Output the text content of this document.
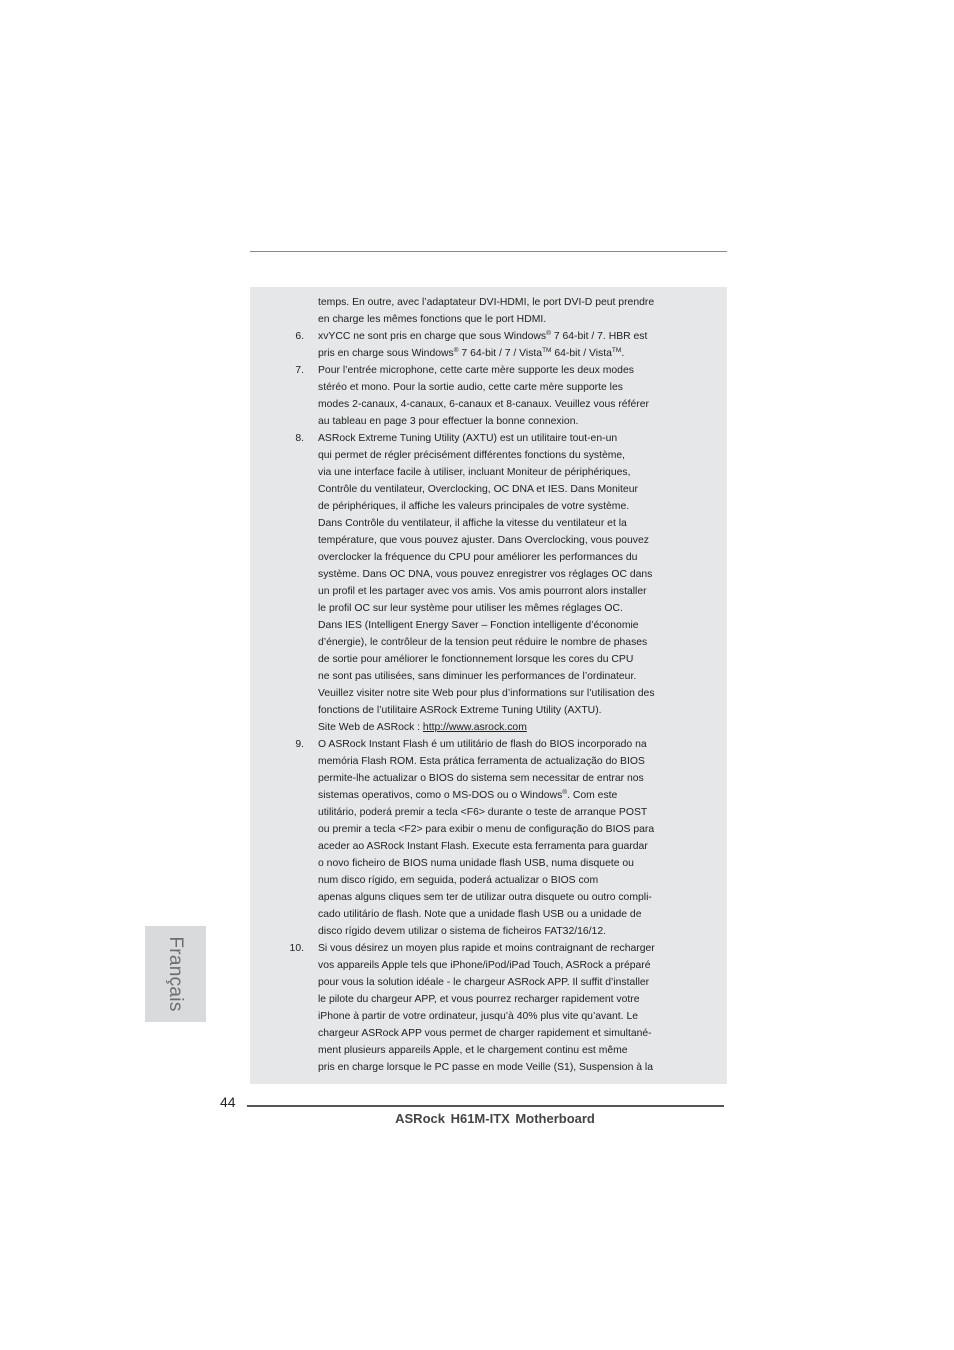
temps. En outre, avec l’adaptateur DVI-HDMI, le port DVI-D peut prendre
en charge les mêmes fonctions que le port HDMI.
6. xvYCC ne sont pris en charge que sous Windows® 7 64-bit / 7. HBR est
pris en charge sous Windows® 7 64-bit / 7 / Vista™ 64-bit / Vista™.
7. Pour l’entrée microphone, cette carte mère supporte les deux modes
stéréo et mono. Pour la sortie audio, cette carte mère supporte les
modes 2-canaux, 4-canaux, 6-canaux et 8-canaux. Veuillez vous référer
au tableau en page 3 pour effectuer la bonne connexion.
8. ASRock Extreme Tuning Utility (AXTU) est un utilitaire tout-en-un
qui permet de régler précisément différentes fonctions du système,
via une interface facile à utiliser, incluant Moniteur de périphériques,
Contrôle du ventilateur, Overclocking, OC DNA et IES. Dans Moniteur
de périphériques, il affiche les valeurs principales de votre système.
Dans Contrôle du ventilateur, il affiche la vitesse du ventilateur et la
température, que vous pouvez ajuster. Dans Overclocking, vous pouvez
overclocker la fréquence du CPU pour améliorer les performances du
système. Dans OC DNA, vous pouvez enregistrer vos réglages OC dans
un profil et les partager avec vos amis. Vos amis pourront alors installer
le profil OC sur leur système pour utiliser les mêmes réglages OC.
Dans IES (Intelligent Energy Saver – Fonction intelligente d’économie
d’énergie), le contrôleur de la tension peut réduire le nombre de phases
de sortie pour améliorer le fonctionnement lorsque les cores du CPU
ne sont pas utilisées, sans diminuer les performances de l’ordinateur.
Veuillez visiter notre site Web pour plus d’informations sur l’utilisation des
fonctions de l’utilitaire ASRock Extreme Tuning Utility (AXTU).
Site Web de ASRock : http://www.asrock.com
9. O ASRock Instant Flash é um utilitário de flash do BIOS incorporado na
memória Flash ROM. Esta prática ferramenta de actualização do BIOS
permite-lhe actualizar o BIOS do sistema sem necessitar de entrar nos
sistemas operativos, como o MS-DOS ou o Windows®. Com este
utilitário, poderá premir a tecla <F6> durante o teste de arranque POST
ou premir a tecla <F2> para exibir o menu de configuração do BIOS para
aceder ao ASRock Instant Flash. Execute esta ferramenta para guardar
o novo ficheiro de BIOS numa unidade flash USB, numa disquete ou
num disco rígido, em seguida, poderá actualizar o BIOS com
apenas alguns cliques sem ter de utilizar outra disquete ou outro compli-
cado utilitário de flash. Note que a unidade flash USB ou a unidade de
disco rígido devem utilizar o sistema de ficheiros FAT32/16/12.
10. Si vous désirez un moyen plus rapide et moins contraignant de recharger
vos appareils Apple tels que iPhone/iPod/iPad Touch, ASRock a préparé
pour vous la solution idéale - le chargeur ASRock APP. Il suffit d’installer
le pilote du chargeur APP, et vous pourrez recharger rapidement votre
iPhone à partir de votre ordinateur, jusqu’à 40% plus vite qu’avant. Le
chargeur ASRock APP vous permet de charger rapidement et simultané-
ment plusieurs appareils Apple, et le chargement continu est même
pris en charge lorsque le PC passe en mode Veille (S1), Suspension à la
Français
44
ASRock H61M-ITX Motherboard
